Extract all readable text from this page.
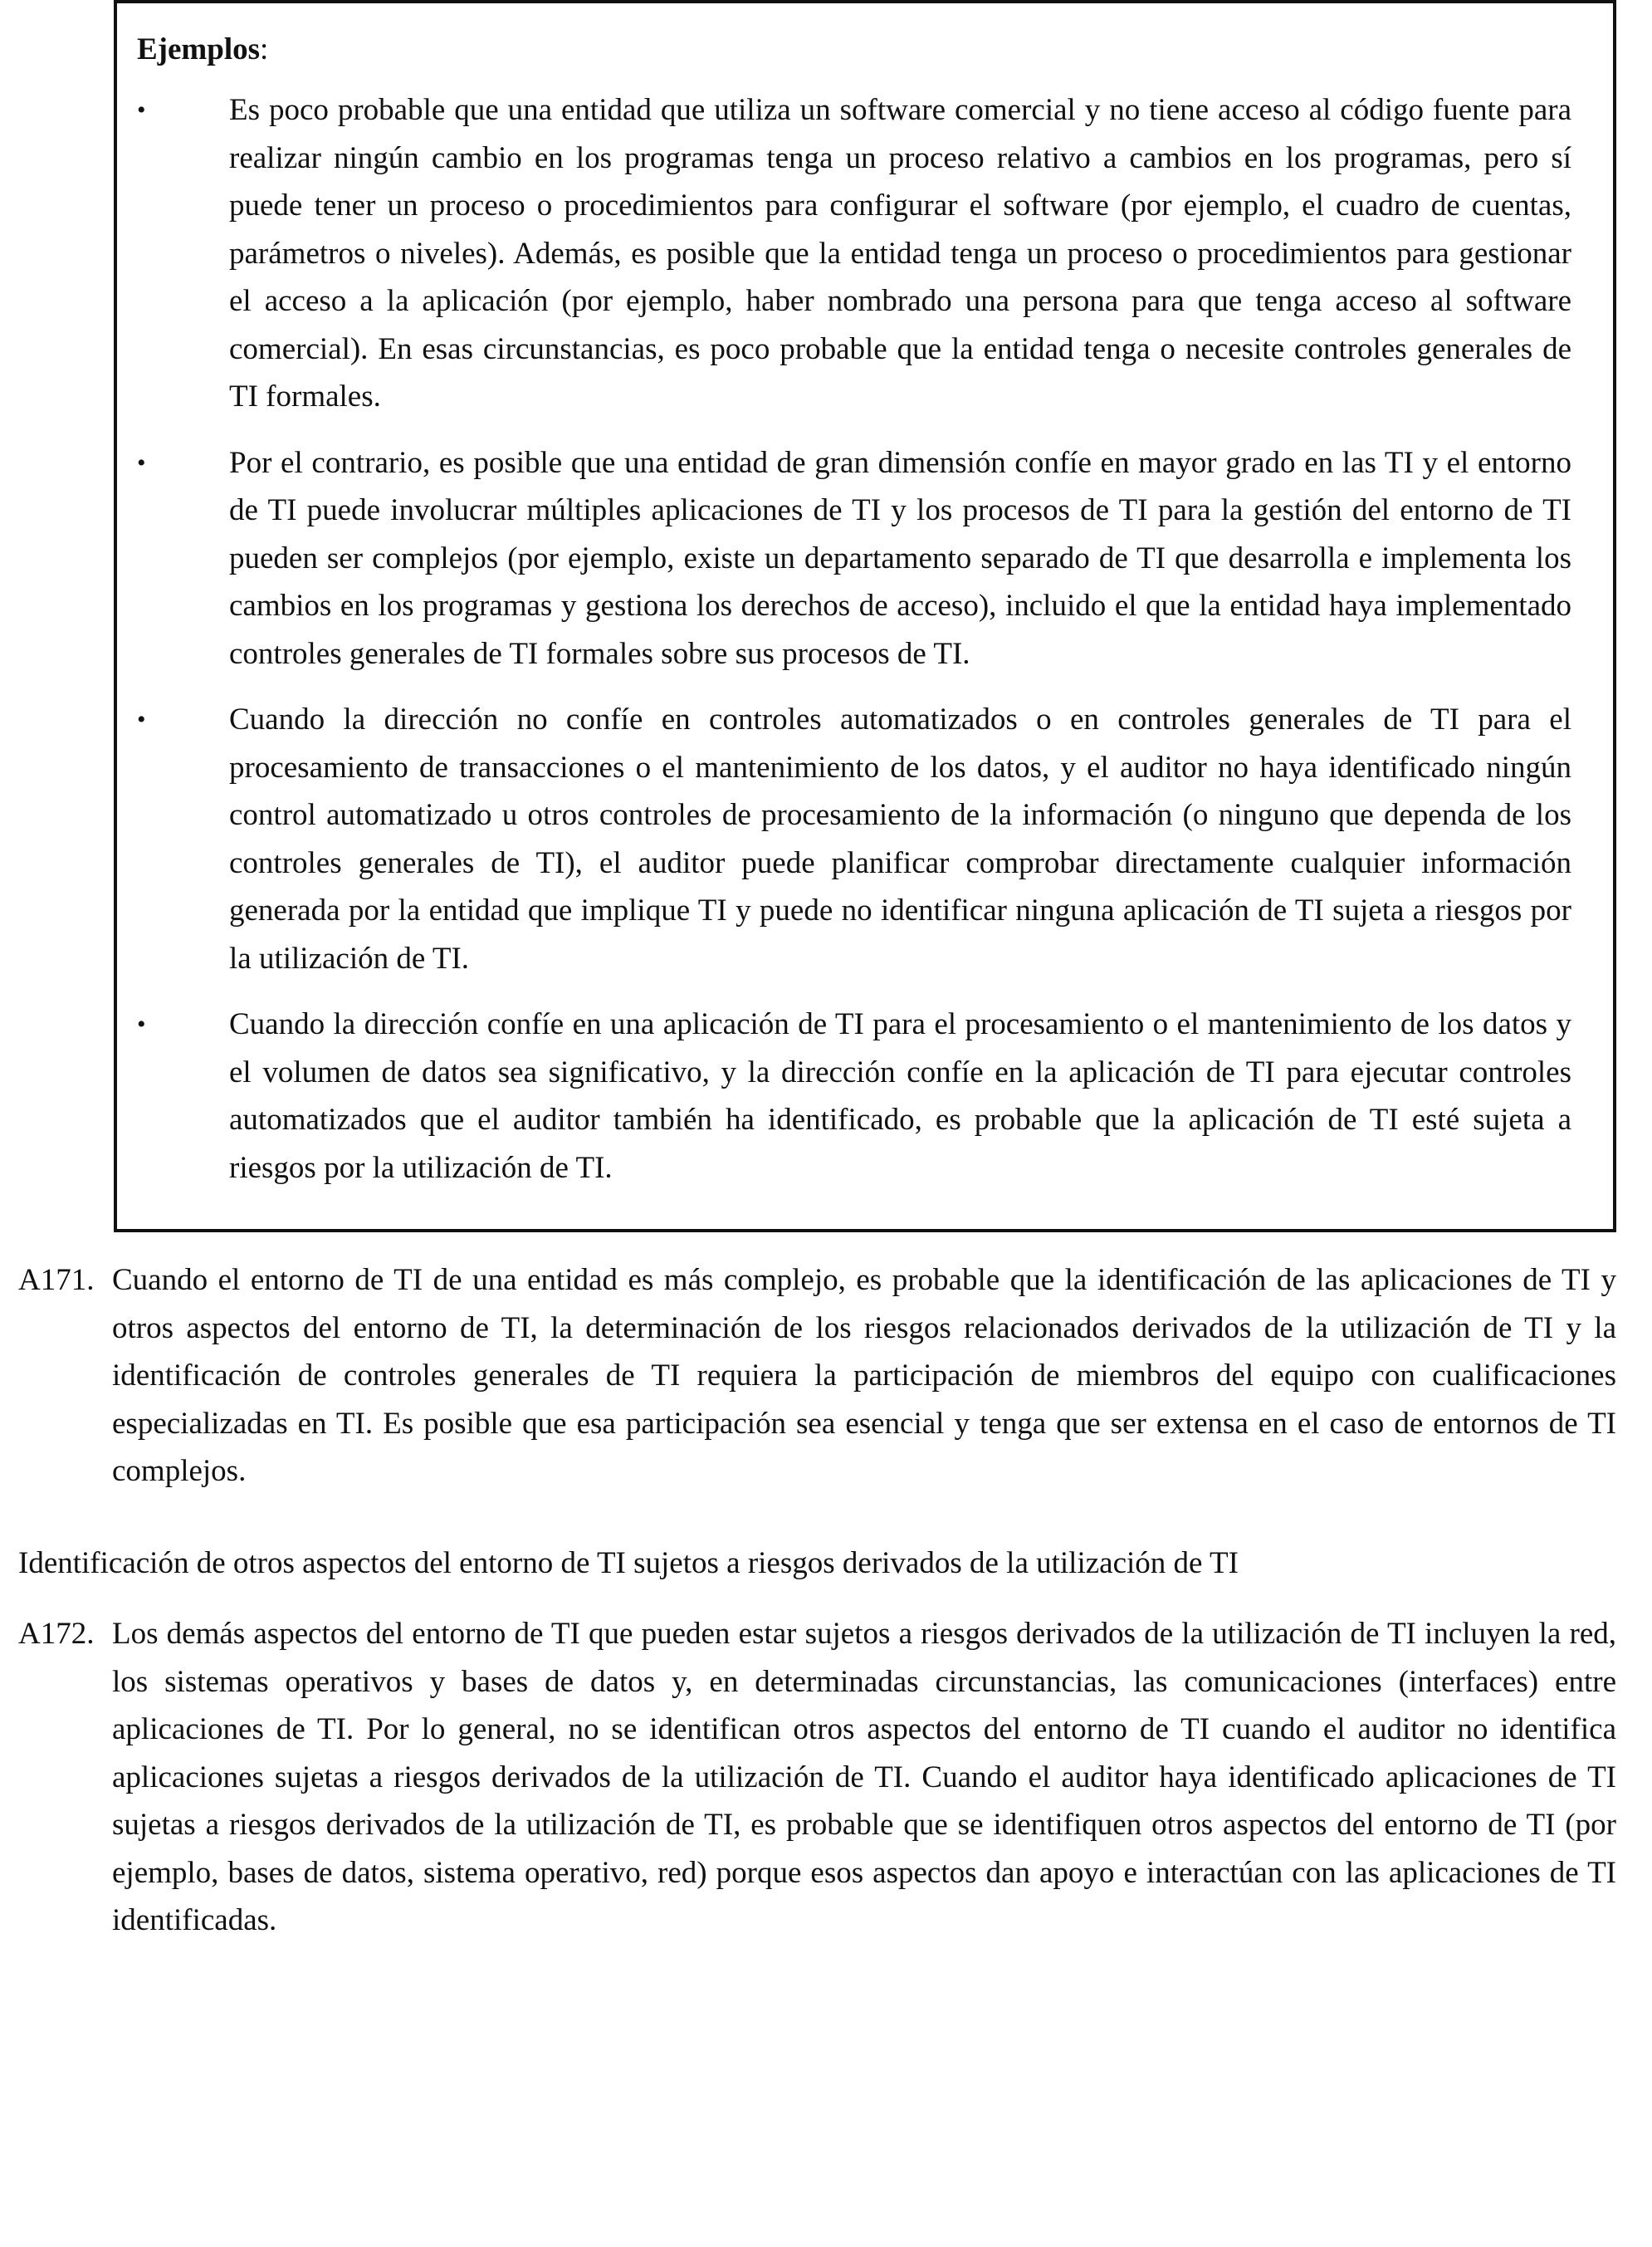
Ejemplos:
•	Es poco probable que una entidad que utiliza un software comercial y no tiene acceso al código fuente para realizar ningún cambio en los programas tenga un proceso relativo a cambios en los programas, pero sí puede tener un proceso o procedimientos para configurar el software (por ejemplo, el cuadro de cuentas, parámetros o niveles). Además, es posible que la entidad tenga un proceso o procedimientos para gestionar el acceso a la aplicación (por ejemplo, haber nombrado una persona para que tenga acceso al software comercial). En esas circunstancias, es poco probable que la entidad tenga o necesite controles generales de TI formales.
•	Por el contrario, es posible que una entidad de gran dimensión confíe en mayor grado en las TI y el entorno de TI puede involucrar múltiples aplicaciones de TI y los procesos de TI para la gestión del entorno de TI pueden ser complejos (por ejemplo, existe un departamento separado de TI que desarrolla e implementa los cambios en los programas y gestiona los derechos de acceso), incluido el que la entidad haya implementado controles generales de TI formales sobre sus procesos de TI.
•	Cuando la dirección no confíe en controles automatizados o en controles generales de TI para el procesamiento de transacciones o el mantenimiento de los datos, y el auditor no haya identificado ningún control automatizado u otros controles de procesamiento de la información (o ninguno que dependa de los controles generales de TI), el auditor puede planificar comprobar directamente cualquier información generada por la entidad que implique TI y puede no identificar ninguna aplicación de TI sujeta a riesgos por la utilización de TI.
•	Cuando la dirección confíe en una aplicación de TI para el procesamiento o el mantenimiento de los datos y el volumen de datos sea significativo, y la dirección confíe en la aplicación de TI para ejecutar controles automatizados que el auditor también ha identificado, es probable que la aplicación de TI esté sujeta a riesgos por la utilización de TI.
A171. Cuando el entorno de TI de una entidad es más complejo, es probable que la identificación de las aplicaciones de TI y otros aspectos del entorno de TI, la determinación de los riesgos relacionados derivados de la utilización de TI y la identificación de controles generales de TI requiera la participación de miembros del equipo con cualificaciones especializadas en TI. Es posible que esa participación sea esencial y tenga que ser extensa en el caso de entornos de TI complejos.
Identificación de otros aspectos del entorno de TI sujetos a riesgos derivados de la utilización de TI
A172. Los demás aspectos del entorno de TI que pueden estar sujetos a riesgos derivados de la utilización de TI incluyen la red, los sistemas operativos y bases de datos y, en determinadas circunstancias, las comunicaciones (interfaces) entre aplicaciones de TI. Por lo general, no se identifican otros aspectos del entorno de TI cuando el auditor no identifica aplicaciones sujetas a riesgos derivados de la utilización de TI. Cuando el auditor haya identificado aplicaciones de TI sujetas a riesgos derivados de la utilización de TI, es probable que se identifiquen otros aspectos del entorno de TI (por ejemplo, bases de datos, sistema operativo, red) porque esos aspectos dan apoyo e interactúan con las aplicaciones de TI identificadas.
